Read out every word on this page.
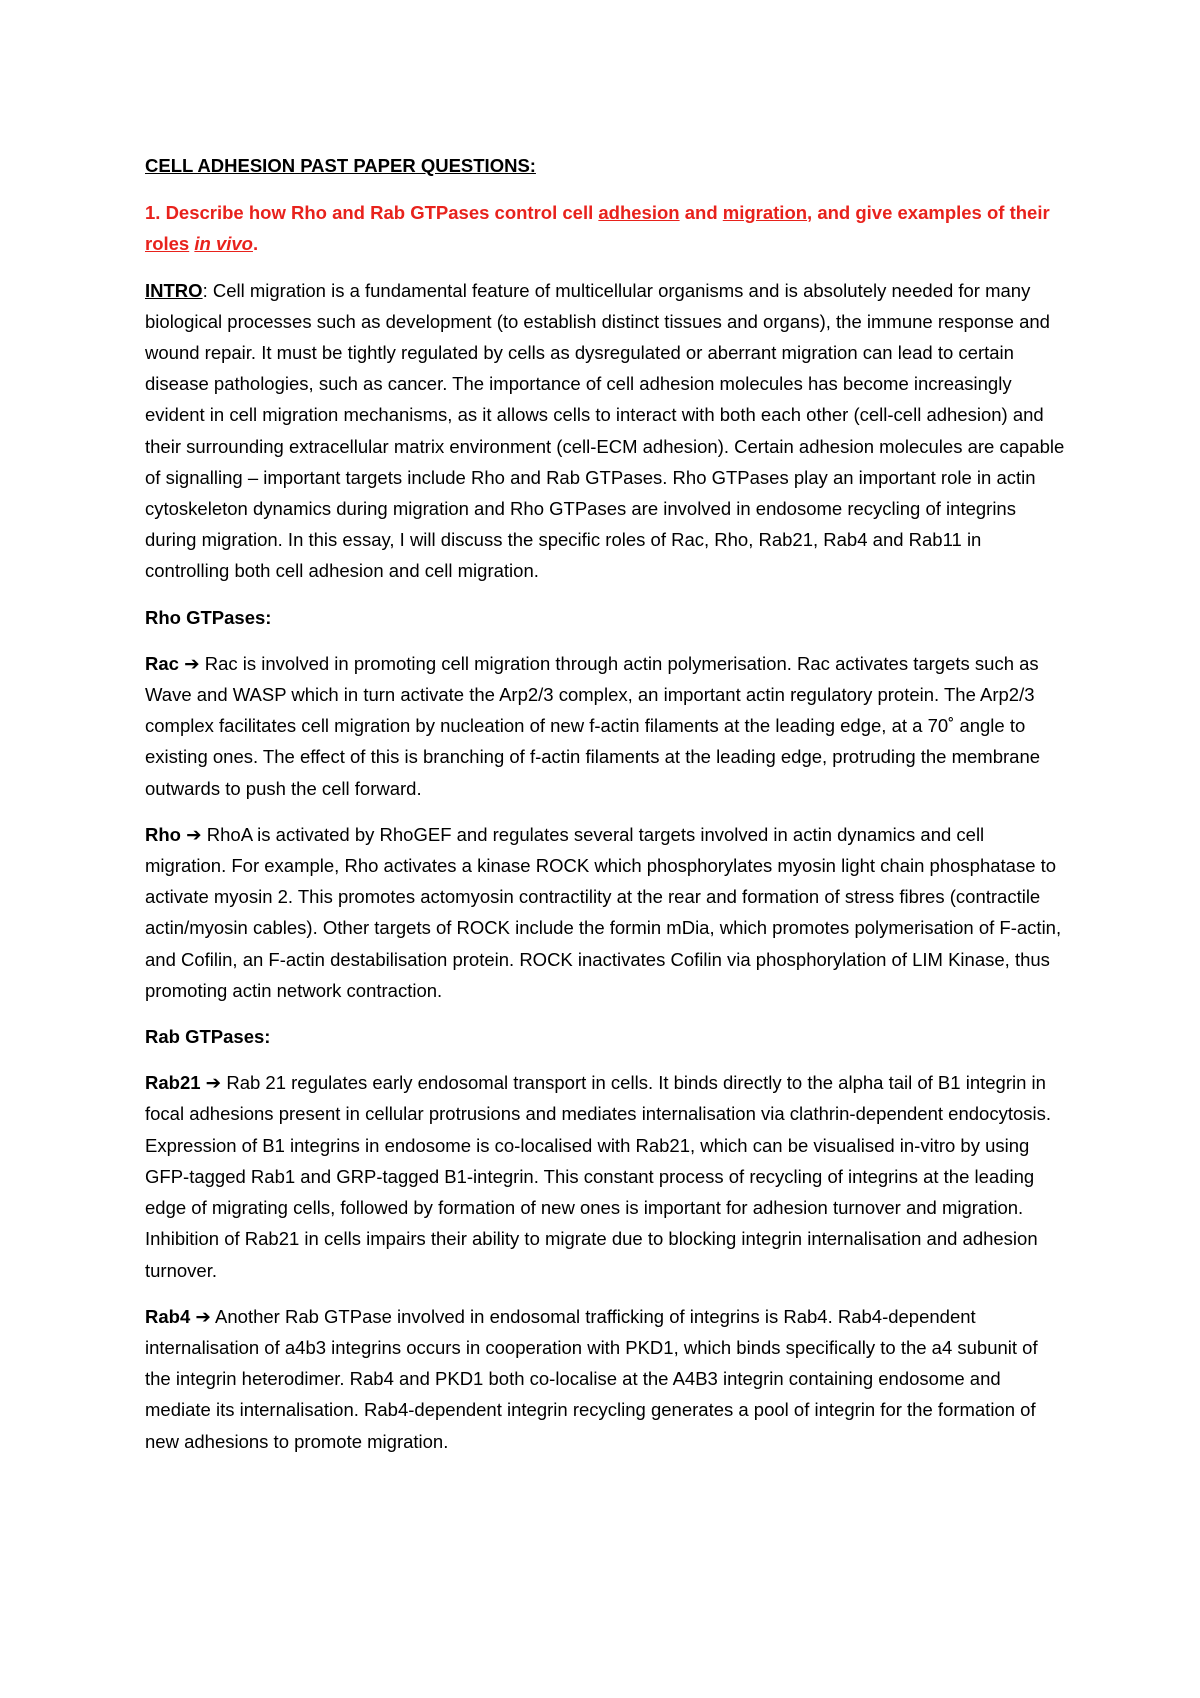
CELL ADHESION PAST PAPER QUESTIONS:

1. Describe how Rho and Rab GTPases control cell adhesion and migration, and give examples of their roles in vivo.

INTRO: Cell migration is a fundamental feature of multicellular organisms and is absolutely needed for many biological processes such as development (to establish distinct tissues and organs), the immune response and wound repair. It must be tightly regulated by cells as dysregulated or aberrant migration can lead to certain disease pathologies, such as cancer. The importance of cell adhesion molecules has become increasingly evident in cell migration mechanisms, as it allows cells to interact with both each other (cell-cell adhesion) and their surrounding extracellular matrix environment (cell-ECM adhesion). Certain adhesion molecules are capable of signalling – important targets include Rho and Rab GTPases. Rho GTPases play an important role in actin cytoskeleton dynamics during migration and Rho GTPases are involved in endosome recycling of integrins during migration. In this essay, I will discuss the specific roles of Rac, Rho, Rab21, Rab4 and Rab11 in controlling both cell adhesion and cell migration.

Rho GTPases:

Rac ➔ Rac is involved in promoting cell migration through actin polymerisation. Rac activates targets such as Wave and WASP which in turn activate the Arp2/3 complex, an important actin regulatory protein. The Arp2/3 complex facilitates cell migration by nucleation of new f-actin filaments at the leading edge, at a 70˚ angle to existing ones. The effect of this is branching of f-actin filaments at the leading edge, protruding the membrane outwards to push the cell forward.

Rho ➔ RhoA is activated by RhoGEF and regulates several targets involved in actin dynamics and cell migration. For example, Rho activates a kinase ROCK which phosphorylates myosin light chain phosphatase to activate myosin 2. This promotes actomyosin contractility at the rear and formation of stress fibres (contractile actin/myosin cables). Other targets of ROCK include the formin mDia, which promotes polymerisation of F-actin, and Cofilin, an F-actin destabilisation protein. ROCK inactivates Cofilin via phosphorylation of LIM Kinase, thus promoting actin network contraction.

Rab GTPases:

Rab21 ➔ Rab 21 regulates early endosomal transport in cells. It binds directly to the alpha tail of B1 integrin in focal adhesions present in cellular protrusions and mediates internalisation via clathrin-dependent endocytosis. Expression of B1 integrins in endosome is co-localised with Rab21, which can be visualised in-vitro by using GFP-tagged Rab1 and GRP-tagged B1-integrin. This constant process of recycling of integrins at the leading edge of migrating cells, followed by formation of new ones is important for adhesion turnover and migration. Inhibition of Rab21 in cells impairs their ability to migrate due to blocking integrin internalisation and adhesion turnover.

Rab4 ➔ Another Rab GTPase involved in endosomal trafficking of integrins is Rab4. Rab4-dependent internalisation of a4b3 integrins occurs in cooperation with PKD1, which binds specifically to the a4 subunit of the integrin heterodimer. Rab4 and PKD1 both co-localise at the A4B3 integrin containing endosome and mediate its internalisation. Rab4-dependent integrin recycling generates a pool of integrin for the formation of new adhesions to promote migration.
